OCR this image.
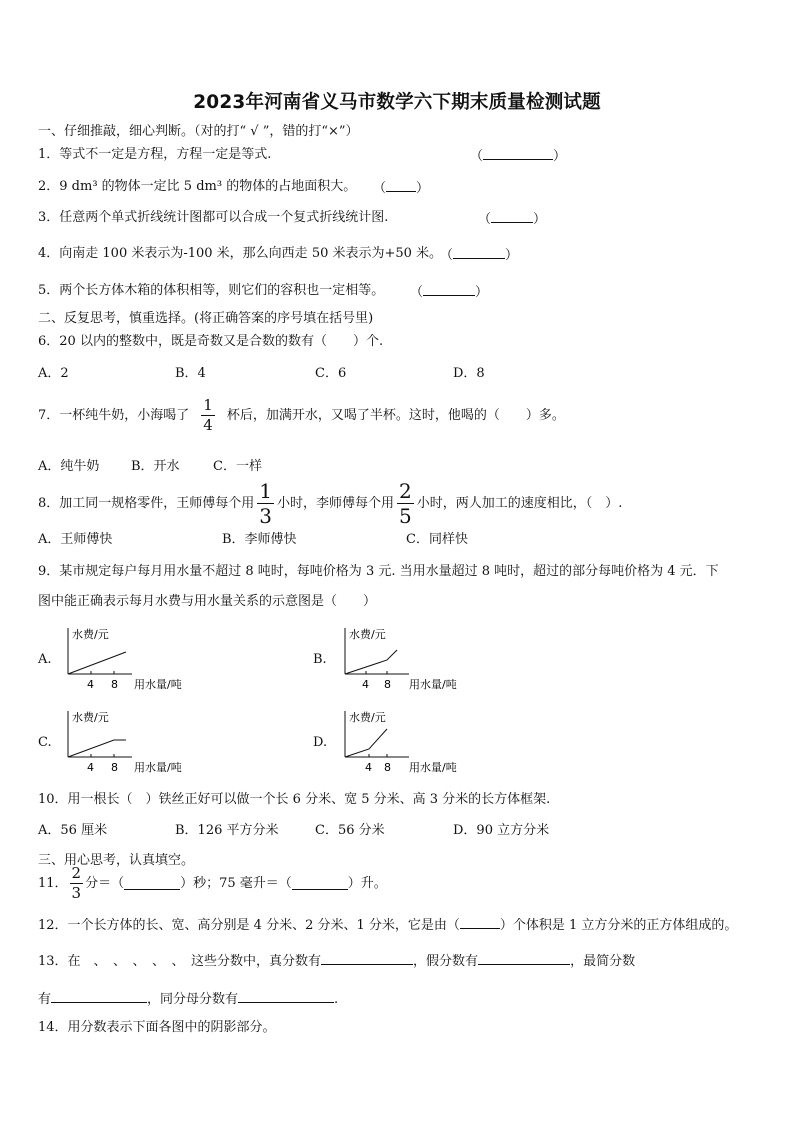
2023年河南省义马市数学六下期末质量检测试题
一、仔细推敲，细心判断。（对的打“ √ ”，错的打“×”）
1．等式不一定是方程，方程一定是等式.	（	）
2．9 dm³ 的物体一定比 5 dm³ 的物体的占地面积大。 （ ）
3．任意两个单式折线统计图都可以合成一个复式折线统计图.	（	）
4．向南走 100 米表示为-100 米，那么向西走 50 米表示为+50 米。
（	）
5．两个长方体木箱的体积相等，则它们的容积也一定相等。 （	）
二、反复思考，慎重选择。(将正确答案的序号填在括号里)
6．20 以内的整数中，既是奇数又是合数的数有（　　）个.
A．2	B．4	C．6	D．8
7．一杯纯牛奶，小海喝了 $\frac{1}{4}$ 杯后，加满开水，又喝了半杯。这时，他喝的（　　）多。
A．纯牛奶 B．开水	C．一样
8．加工同一规格零件，王师傅每个用 $\frac{1}{3}$ 小时，李师傅每个用 $\frac{2}{5}$ 小时，两人加工的速度相比，（　）.
A．王师傅快	B．李师傅快	C．同样快
9．某市规定每户每月用水量不超过 8 吨时，每吨价格为 3 元. 当用水量超过 8 吨时，超过的部分每吨价格为 4 元．下
图中能正确表示每月水费与用水量关系的示意图是（　　）
A.
水费/元
4 8 用水量/吨
B.
水费/元
4 8 用水量/吨
C.
水费/元
4 8 用水量/吨
D.
水费/元
4 8 用水量/吨
10．用一根长（　）铁丝正好可以做一个长 6 分米、宽 5 分米、高 3 分米的长方体框架.
A．56 厘米	B．126 平方分米	C．56 分米	D．90 立方分米
三、用心思考，认真填空。
11． $\frac{2}{3}$ 分＝（	）秒；75 毫升＝（	）升。
12．一个长方体的长、宽、高分别是 4 分米、2 分米、1 分米，它是由（	）个体积是 1 立方分米的正方体组成的。
13．在　、　、　、　、　、　这些分数中，真分数有	，假分数有	，最简分数
有	，同分母分数有	.
14．用分数表示下面各图中的阴影部分。
